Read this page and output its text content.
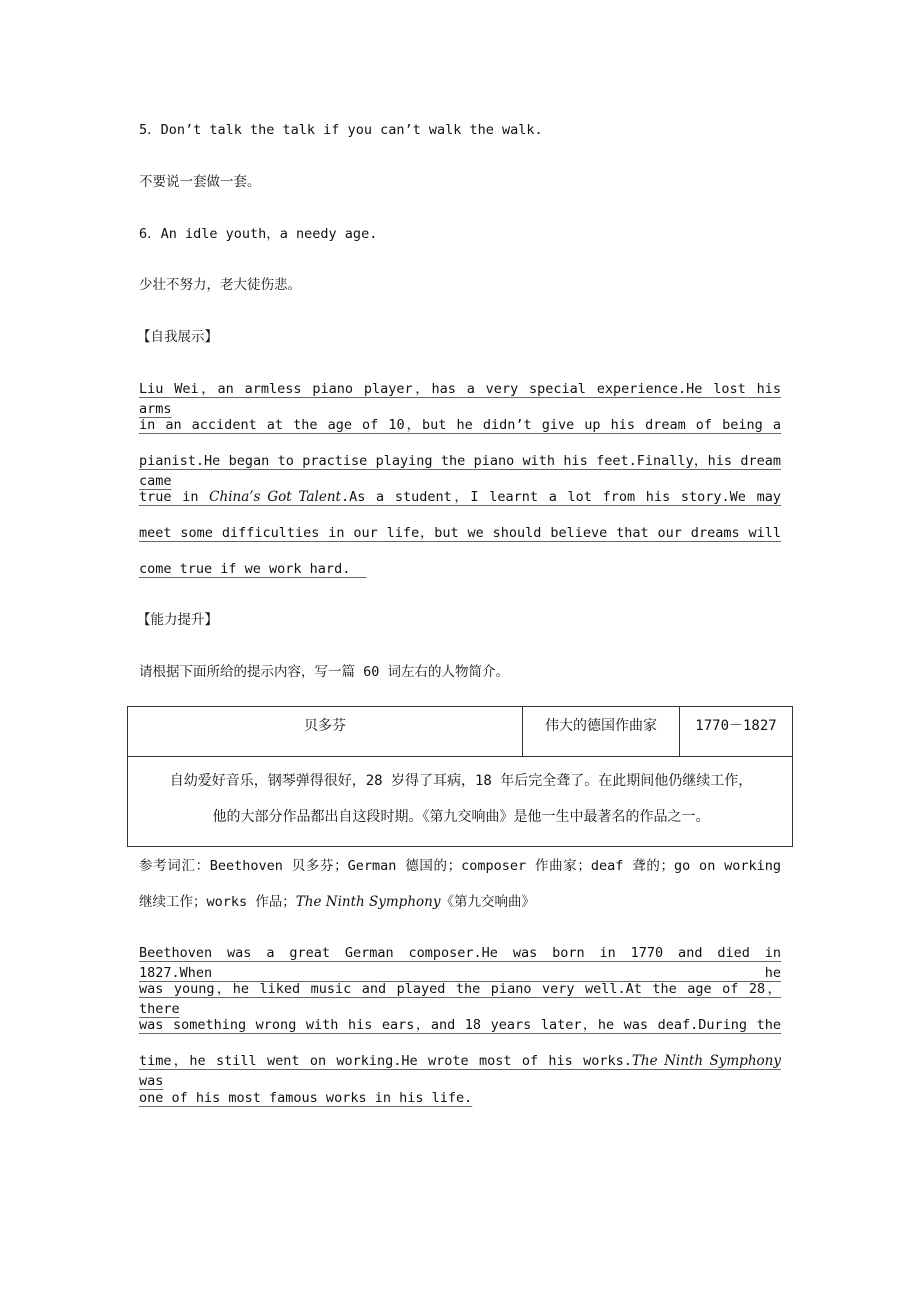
5．Don’t talk the talk if you can’t walk the walk.
不要说一套做一套。
6．An idle youth，a needy age.
少壮不努力，老大徒伤悲。
【自我展示】
Liu Wei，an armless piano player，has a very special experience.He lost his arms
in an accident at the age of 10，but he didn’t give up his dream of being a
pianist.He began to practise playing the piano with his feet.Finally，his dream came
true in China’s Got Talent.As a student，I learnt a lot from his story.We may
meet some difficulties in our life，but we should believe that our dreams will
come true if we work hard.
【能力提升】
请根据下面所给的提示内容，写一篇 60 词左右的人物简介。
贝多芬	伟大的德国作曲家	1770－1827

自幼爱好音乐，钢琴弹得很好，28 岁得了耳病，18 年后完全聋了。在此期间他仍继续工作，
他的大部分作品都出自这段时期。《第九交响曲》是他一生中最著名的作品之一。
参考词汇：Beethoven 贝多芬；German 德国的；composer 作曲家；deaf 聋的；go on working
继续工作；works 作品；The Ninth Symphony《第九交响曲》
Beethoven was a great German composer.He was born in 1770 and died in 1827.When he
was young，he liked music and played the piano very well.At the age of 28，there
was something wrong with his ears，and 18 years later，he was deaf.During the
time，he still went on working.He wrote most of his works.The Ninth Symphony was
one of his most famous works in his life.
